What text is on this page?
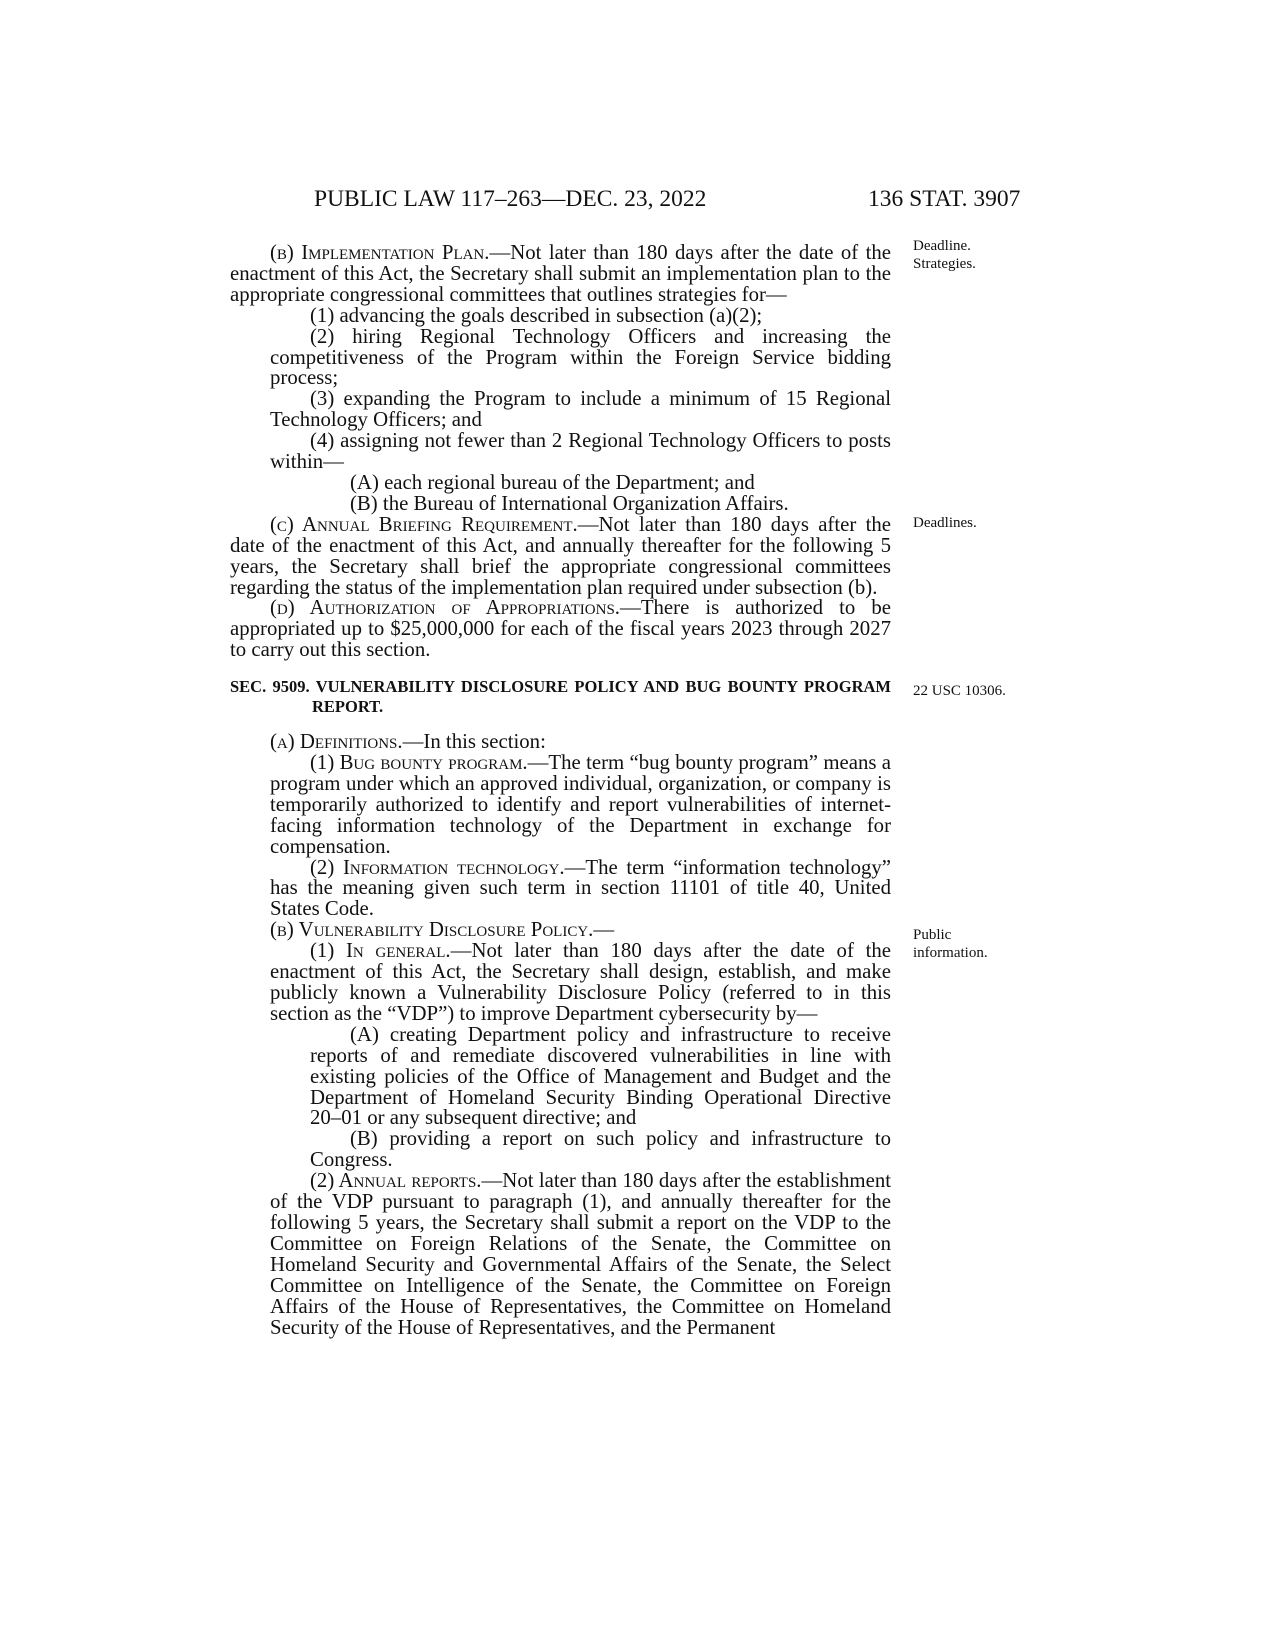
PUBLIC LAW 117–263—DEC. 23, 2022	136 STAT. 3907
Deadline.
Strategies.
Deadlines.
22 USC 10306.
Public
information.

(b) Implementation Plan.—Not later than 180 days after the date of the enactment of this Act, the Secretary shall submit an implementation plan to the appropriate congressional committees that outlines strategies for—

(1) advancing the goals described in subsection (a)(2);

(2) hiring Regional Technology Officers and increasing the competitiveness of the Program within the Foreign Service bidding process;

(3) expanding the Program to include a minimum of 15 Regional Technology Officers; and

(4) assigning not fewer than 2 Regional Technology Officers to posts within—

(A) each regional bureau of the Department; and

(B) the Bureau of International Organization Affairs.

(c) Annual Briefing Requirement.—Not later than 180 days after the date of the enactment of this Act, and annually thereafter for the following 5 years, the Secretary shall brief the appropriate congressional committees regarding the status of the implementation plan required under subsection (b).

(d) Authorization of Appropriations.—There is authorized to be appropriated up to $25,000,000 for each of the fiscal years 2023 through 2027 to carry out this section.

SEC. 9509. VULNERABILITY DISCLOSURE POLICY AND BUG BOUNTY PROGRAM REPORT.

(a) Definitions.—In this section:

(1) Bug bounty program.—The term “bug bounty program” means a program under which an approved individual, organization, or company is temporarily authorized to identify and report vulnerabilities of internet-facing information technology of the Department in exchange for compensation.

(2) Information technology.—The term “information technology” has the meaning given such term in section 11101 of title 40, United States Code.

(b) Vulnerability Disclosure Policy.—

(1) In general.—Not later than 180 days after the date of the enactment of this Act, the Secretary shall design, establish, and make publicly known a Vulnerability Disclosure Policy (referred to in this section as the “VDP”) to improve Department cybersecurity by—

(A) creating Department policy and infrastructure to receive reports of and remediate discovered vulnerabilities in line with existing policies of the Office of Management and Budget and the Department of Homeland Security Binding Operational Directive 20–01 or any subsequent directive; and

(B) providing a report on such policy and infrastructure to Congress.

(2) Annual reports.—Not later than 180 days after the establishment of the VDP pursuant to paragraph (1), and annually thereafter for the following 5 years, the Secretary shall submit a report on the VDP to the Committee on Foreign Relations of the Senate, the Committee on Homeland Security and Governmental Affairs of the Senate, the Select Committee on Intelligence of the Senate, the Committee on Foreign Affairs of the House of Representatives, the Committee on Homeland Security of the House of Representatives, and the Permanent
